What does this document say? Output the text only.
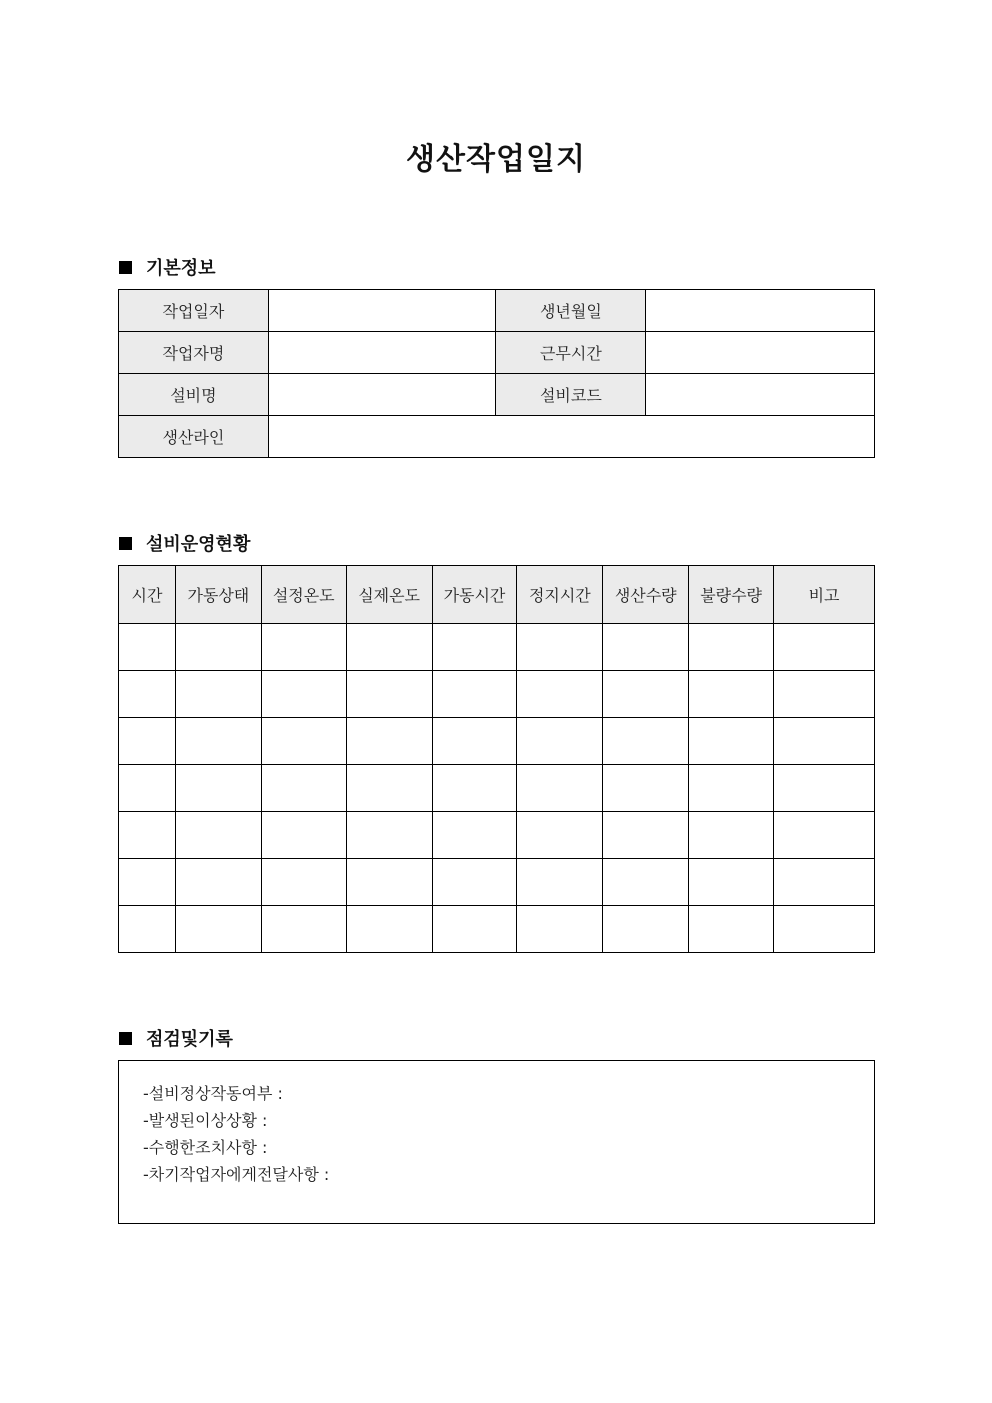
생산작업일지
기본정보
작업일자		생년월일	
작업자명		근무시간	
설비명		설비코드	
생산라인			
설비운영현황
시간	가동상태	설정온도	실제온도	가동시간	정지시간	생산수량	불량수량	비고

점검및기록
-설비정상작동여부 :
-발생된이상상황 :
-수행한조치사항 :
-차기작업자에게전달사항 :
